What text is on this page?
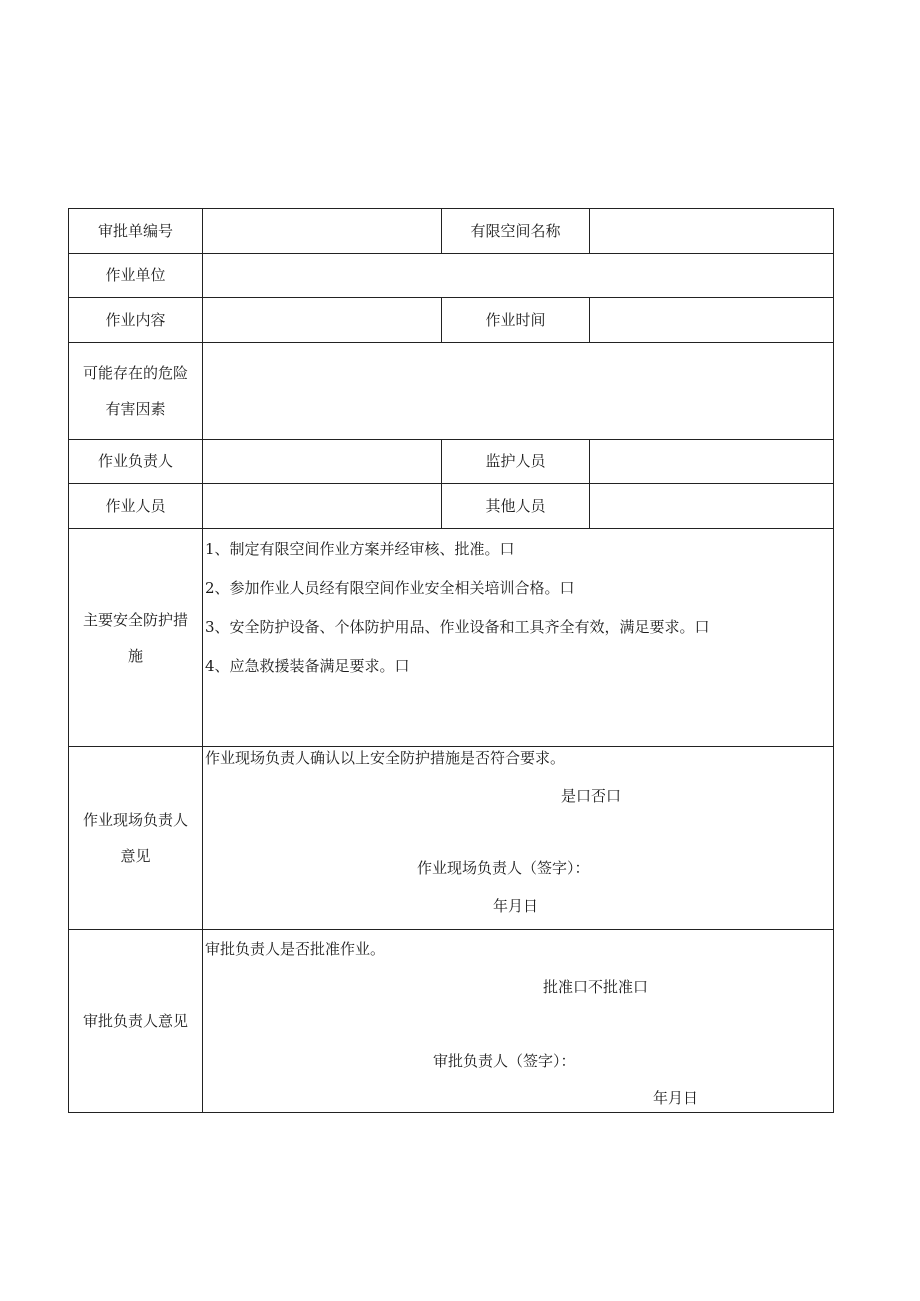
审批单编号		有限空间名称	
作业单位			
作业内容		作业时间	

可能存在的危险
有害因素			

作业负责人		监护人员	
作业人员		其他人员	

主要安全防护措
施	1、制定有限空间作业方案并经审核、批准。口
2、参加作业人员经有限空间作业安全相关培训合格。口
3、安全防护设备、个体防护用品、作业设备和工具齐全有效，满足要求。口
4、应急救援装备满足要求。口		

作业现场负责人
意见	作业现场负责人确认以上安全防护措施是否符合要求。
是口否口
作业现场负责人（签字）：
年月日		

审批负责人意见	审批负责人是否批准作业。
批准口不批准口
审批负责人（签字）：
年月日		
